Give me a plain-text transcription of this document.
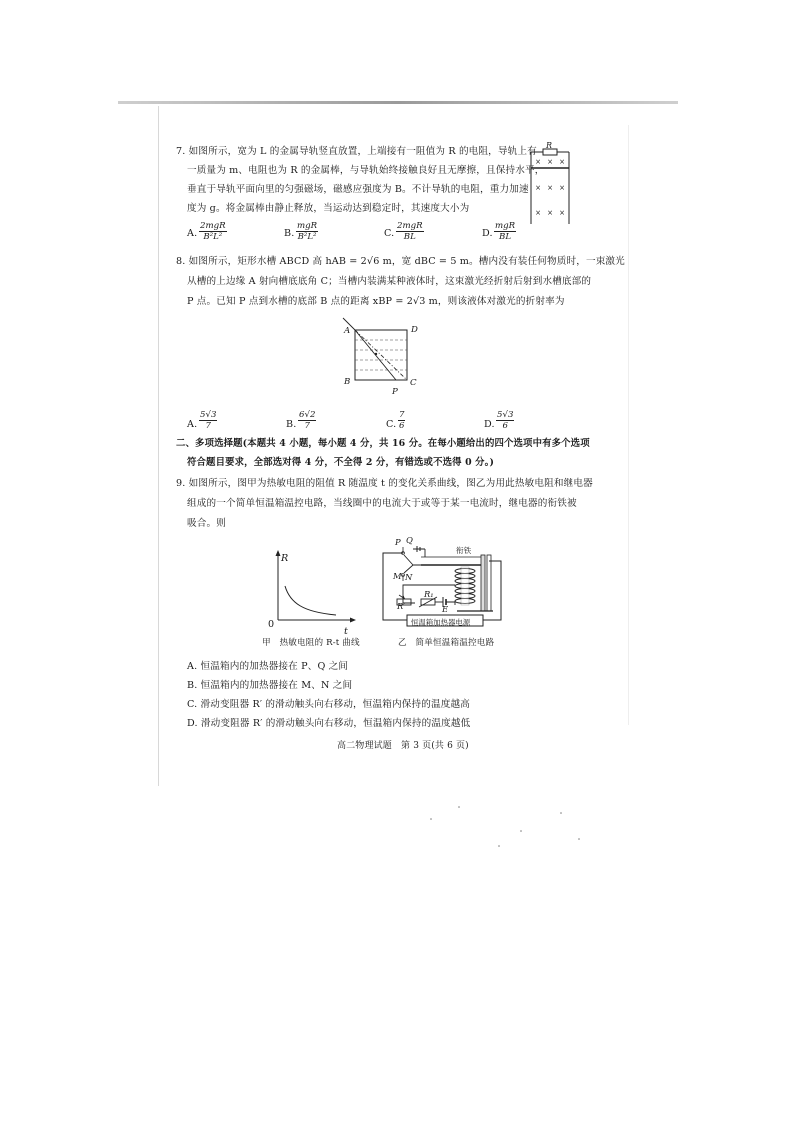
7. 如图所示，宽为 L 的金属导轨竖直放置，上端接有一阻值为 R 的电阻，导轨上有
一质量为 m、电阻也为 R 的金属棒，与导轨始终接触良好且无摩擦，且保持水平，
垂直于导轨平面向里的匀强磁场，磁感应强度为 B。不计导轨的电阻，重力加速
度为 g。将金属棒由静止释放，当运动达到稳定时，其速度大小为
× × ×
× × ×
× × ×
R
A.
2mgR
B²L²	B.
mgR
B²L²	C.
2mgR
BL	D.
mgR
BL
8. 如图所示，矩形水槽 ABCD 高 hAB = 2√6 m，宽 dBC = 5 m。槽内没有装任何物质时，一束激光
从槽的上边缘 A 射向槽底底角 C；当槽内装满某种液体时，这束激光经折射后射到水槽底部的
P 点。已知 P 点到水槽的底部 B 点的距离 xBP = 2√3 m，则该液体对激光的折射率为
A	D
B	C
P
A.
5√3
7	B.
6√2
7	C.
7
6	D.
5√3
6
二、多项选择题(本题共 4 小题，每小题 4 分，共 16 分。在每小题给出的四个选项中有多个选项
符合题目要求，全部选对得 4 分，不全得 2 分，有错选或不选得 0 分。)
9. 如图所示，图甲为热敏电阻的阻值 R 随温度 t 的变化关系曲线，图乙为用此热敏电阻和继电器
组成的一个简单恒温箱温控电路，当线圈中的电流大于或等于某一电流时，继电器的衔铁被
吸合。则
R
t
0
P Q
M N
衔铁
R′
R₁
E
恒温箱加热器电源
甲　热敏电阻的 R-t 曲线	乙　简单恒温箱温控电路
A. 恒温箱内的加热器接在 P、Q 之间
B. 恒温箱内的加热器接在 M、N 之间
C. 滑动变阻器 R′ 的滑动触头向右移动，恒温箱内保持的温度越高
D. 滑动变阻器 R′ 的滑动触头向右移动，恒温箱内保持的温度越低
高二物理试题　第 3 页(共 6 页)
